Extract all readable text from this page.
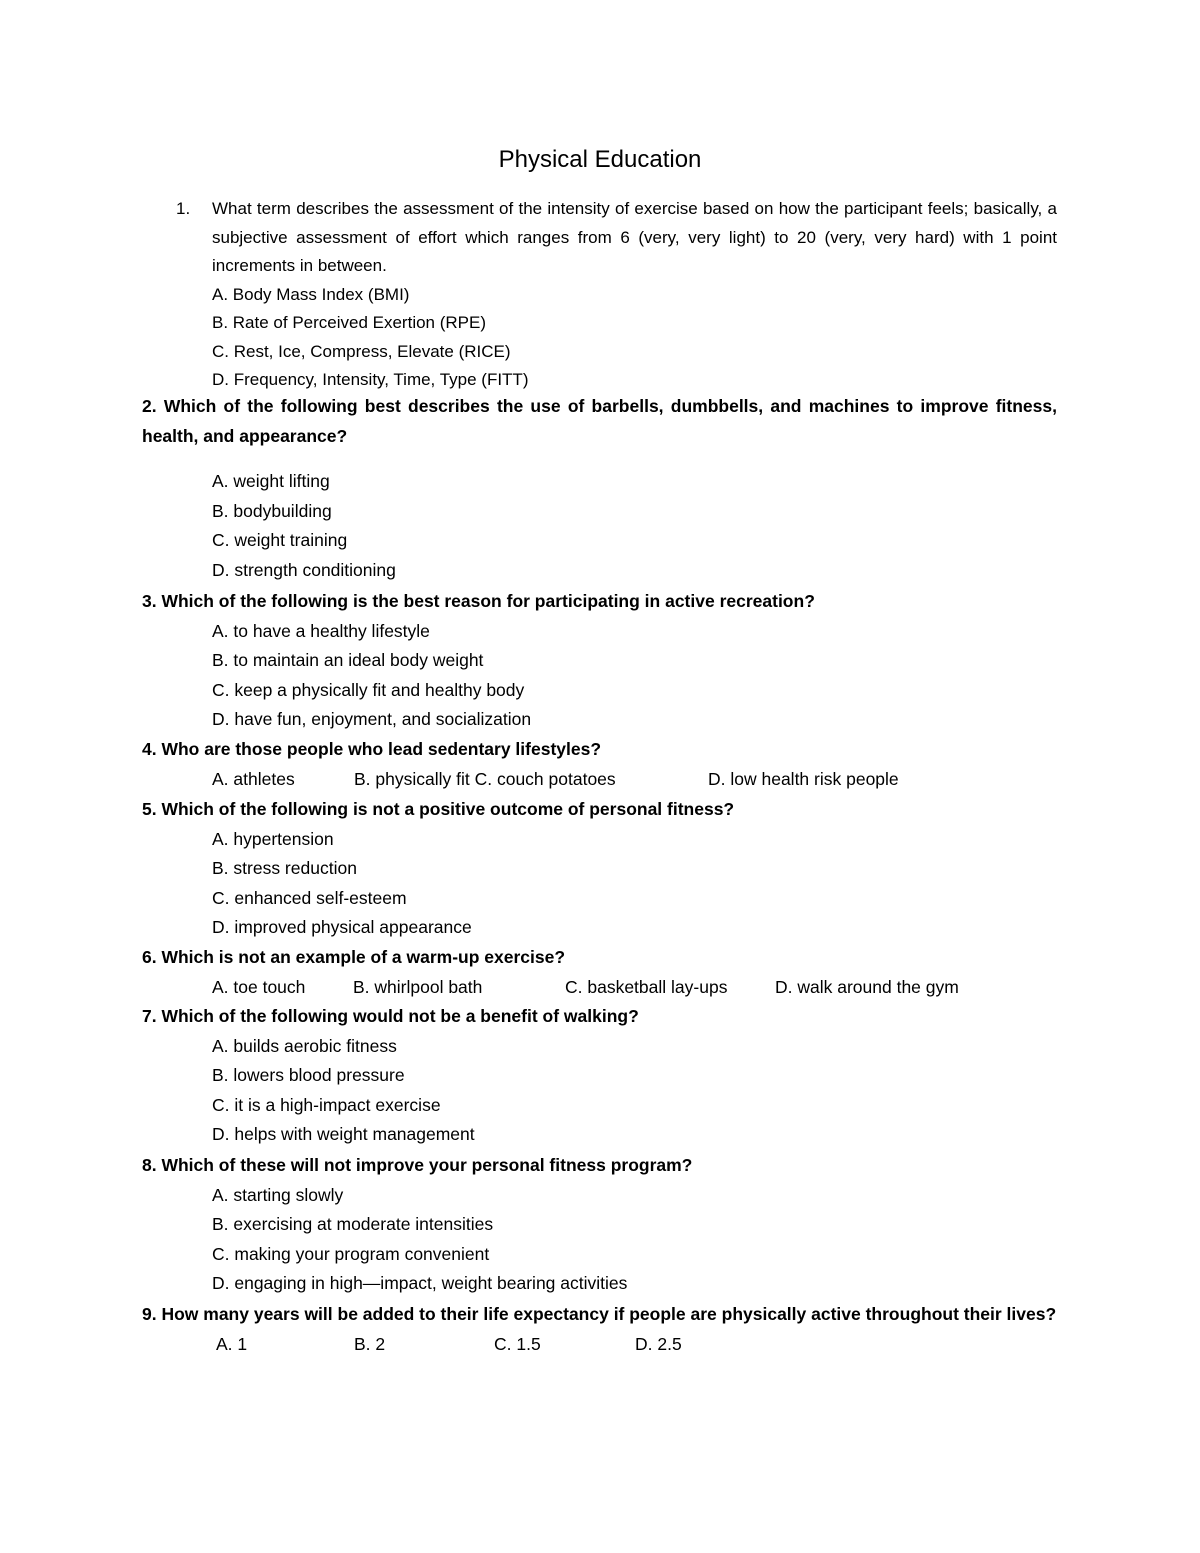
Physical Education
1. What term describes the assessment of the intensity of exercise based on how the participant feels; basically, a subjective assessment of effort which ranges from 6 (very, very light) to 20 (very, very hard) with 1 point increments in between.
A. Body Mass Index (BMI)
B. Rate of Perceived Exertion (RPE)
C. Rest, Ice, Compress, Elevate (RICE)
D. Frequency, Intensity, Time, Type (FITT)
2. Which of the following best describes the use of barbells, dumbbells, and machines to improve fitness, health, and appearance?
A. weight lifting
B. bodybuilding
C. weight training
D. strength conditioning
3. Which of the following is the best reason for participating in active recreation?
A. to have a healthy lifestyle
B. to maintain an ideal body weight
C. keep a physically fit and healthy body
D. have fun, enjoyment, and socialization
4. Who are those people who lead sedentary lifestyles?
A. athletes	B. physically fit C. couch potatoes	D. low health risk people
5. Which of the following is not a positive outcome of personal fitness?
A. hypertension
B. stress reduction
C. enhanced self-esteem
D. improved physical appearance
6. Which is not an example of a warm-up exercise?
A. toe touch	B. whirlpool bath	C. basketball lay-ups	D. walk around the gym
7. Which of the following would not be a benefit of walking?
A. builds aerobic fitness
B. lowers blood pressure
C. it is a high-impact exercise
D. helps with weight management
8. Which of these will not improve your personal fitness program?
A. starting slowly
B. exercising at moderate intensities
C. making your program convenient
D. engaging in high—impact, weight bearing activities
9. How many years will be added to their life expectancy if people are physically active throughout their lives?
A. 1	B. 2	C. 1.5	D. 2.5
